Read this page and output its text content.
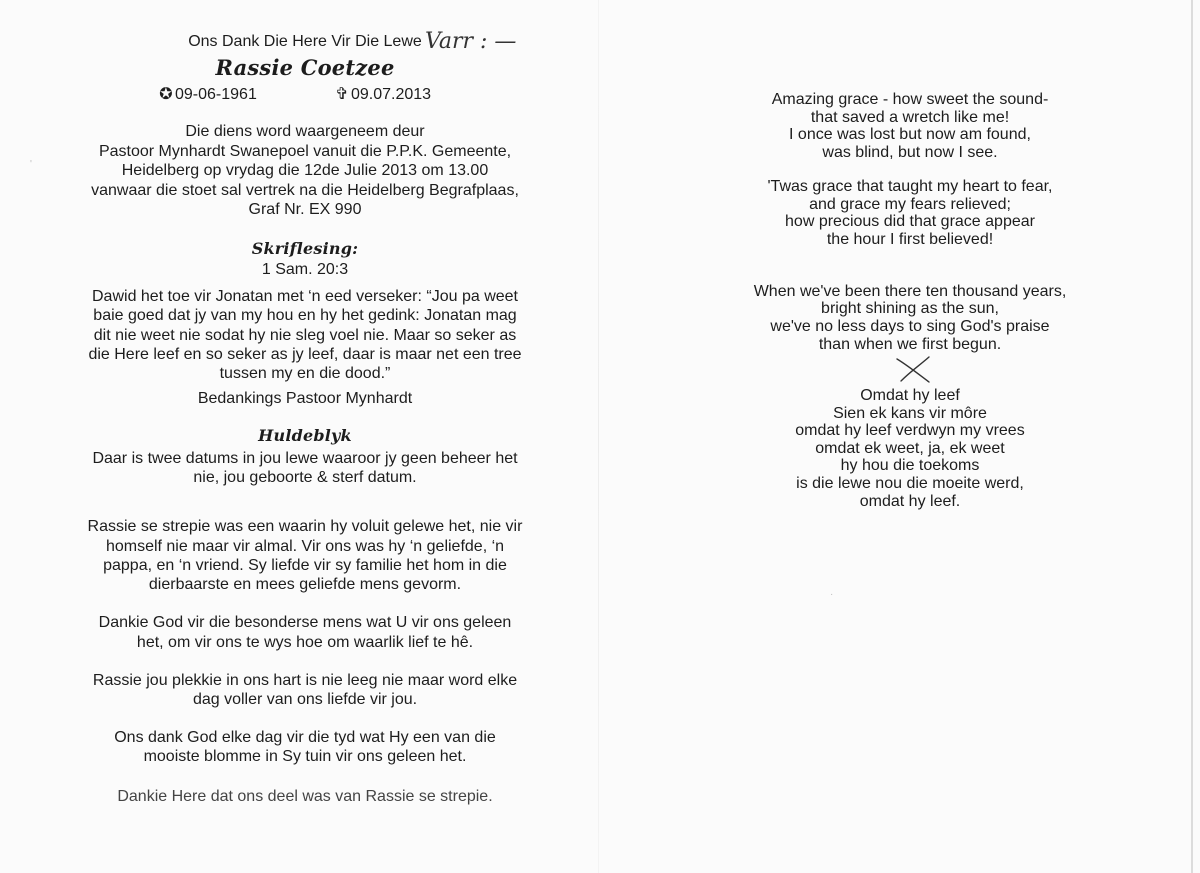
Ons Dank Die Here Vir Die Lewe
Rassie Coetzee
✪ 09-06-1961	✞ 09.07.2013
Die diens word waargeneem deur
Pastoor Mynhardt Swanepoel vanuit die P.P.K. Gemeente,
Heidelberg op vrydag die 12de Julie 2013 om 13.00
vanwaar die stoet sal vertrek na die Heidelberg Begrafplaas,
Graf Nr. EX 990
Skriflesing:
1 Sam. 20:3
Dawid het toe vir Jonatan met ‘n eed verseker: “Jou pa weet
baie goed dat jy van my hou en hy het gedink: Jonatan mag
dit nie weet nie sodat hy nie sleg voel nie. Maar so seker as
die Here leef en so seker as jy leef, daar is maar net een tree
tussen my en die dood.”
Bedankings Pastoor Mynhardt
Huldeblyk
Daar is twee datums in jou lewe waaroor jy geen beheer het
nie, jou geboorte & sterf datum.
Rassie se strepie was een waarin hy voluit gelewe het, nie vir
homself nie maar vir almal. Vir ons was hy ‘n geliefde, ‘n
pappa, en ‘n vriend. Sy liefde vir sy familie het hom in die
dierbaarste en mees geliefde mens gevorm.
Dankie God vir die besonderse mens wat U vir ons geleen
het, om vir ons te wys hoe om waarlik lief te hê.
Rassie jou plekkie in ons hart is nie leeg nie maar word elke
dag voller van ons liefde vir jou.
Ons dank God elke dag vir die tyd wat Hy een van die
mooiste blomme in Sy tuin vir ons geleen het.
Dankie Here dat ons deel was van Rassie se strepie.
Varr : —
Amazing grace - how sweet the sound-
that saved a wretch like me!
I once was lost but now am found,
was blind, but now I see.
'Twas grace that taught my heart to fear,
and grace my fears relieved;
how precious did that grace appear
the hour I first believed!
When we've been there ten thousand years,
bright shining as the sun,
we've no less days to sing God's praise
than when we first begun.
Omdat hy leef
Sien ek kans vir môre
omdat hy leef verdwyn my vrees
omdat ek weet, ja, ek weet
hy hou die toekoms
is die lewe nou die moeite werd,
omdat hy leef.
'
·
